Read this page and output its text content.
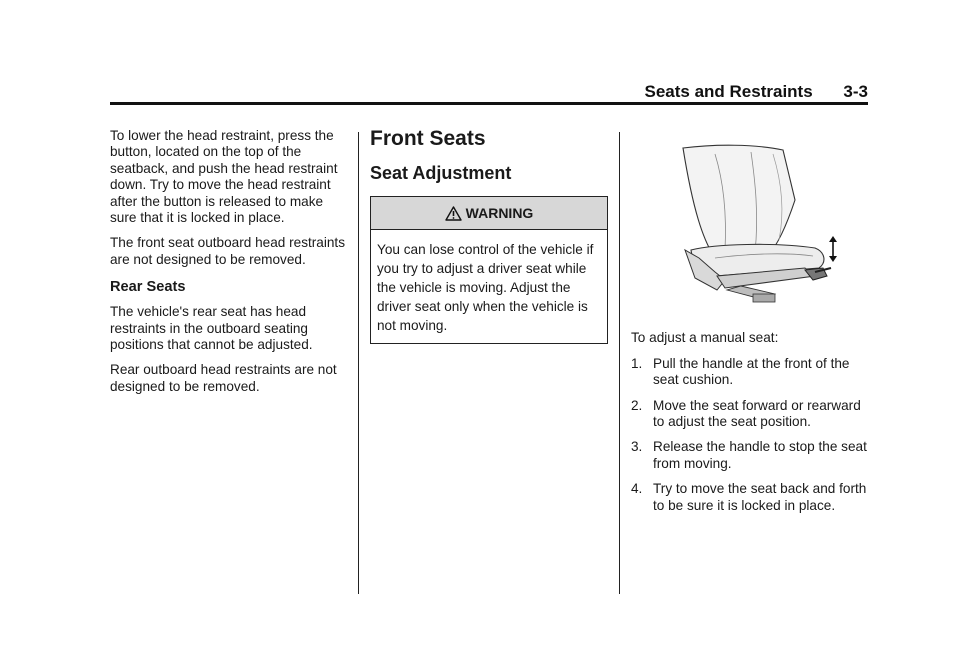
Seats and Restraints 3-3

To lower the head restraint, press the button, located on the top of the seatback, and push the head restraint down. Try to move the head restraint after the button is released to make sure that it is locked in place.

The front seat outboard head restraints are not designed to be removed.

Rear Seats

The vehicle's rear seat has head restraints in the outboard seating positions that cannot be adjusted.

Rear outboard head restraints are not designed to be removed.

Front Seats
Seat Adjustment
WARNING
You can lose control of the vehicle if you try to adjust a driver seat while the vehicle is moving. Adjust the driver seat only when the vehicle is not moving.

To adjust a manual seat:

1. Pull the handle at the front of the seat cushion.
2. Move the seat forward or rearward to adjust the seat position.
3. Release the handle to stop the seat from moving.
4. Try to move the seat back and forth to be sure it is locked in place.
